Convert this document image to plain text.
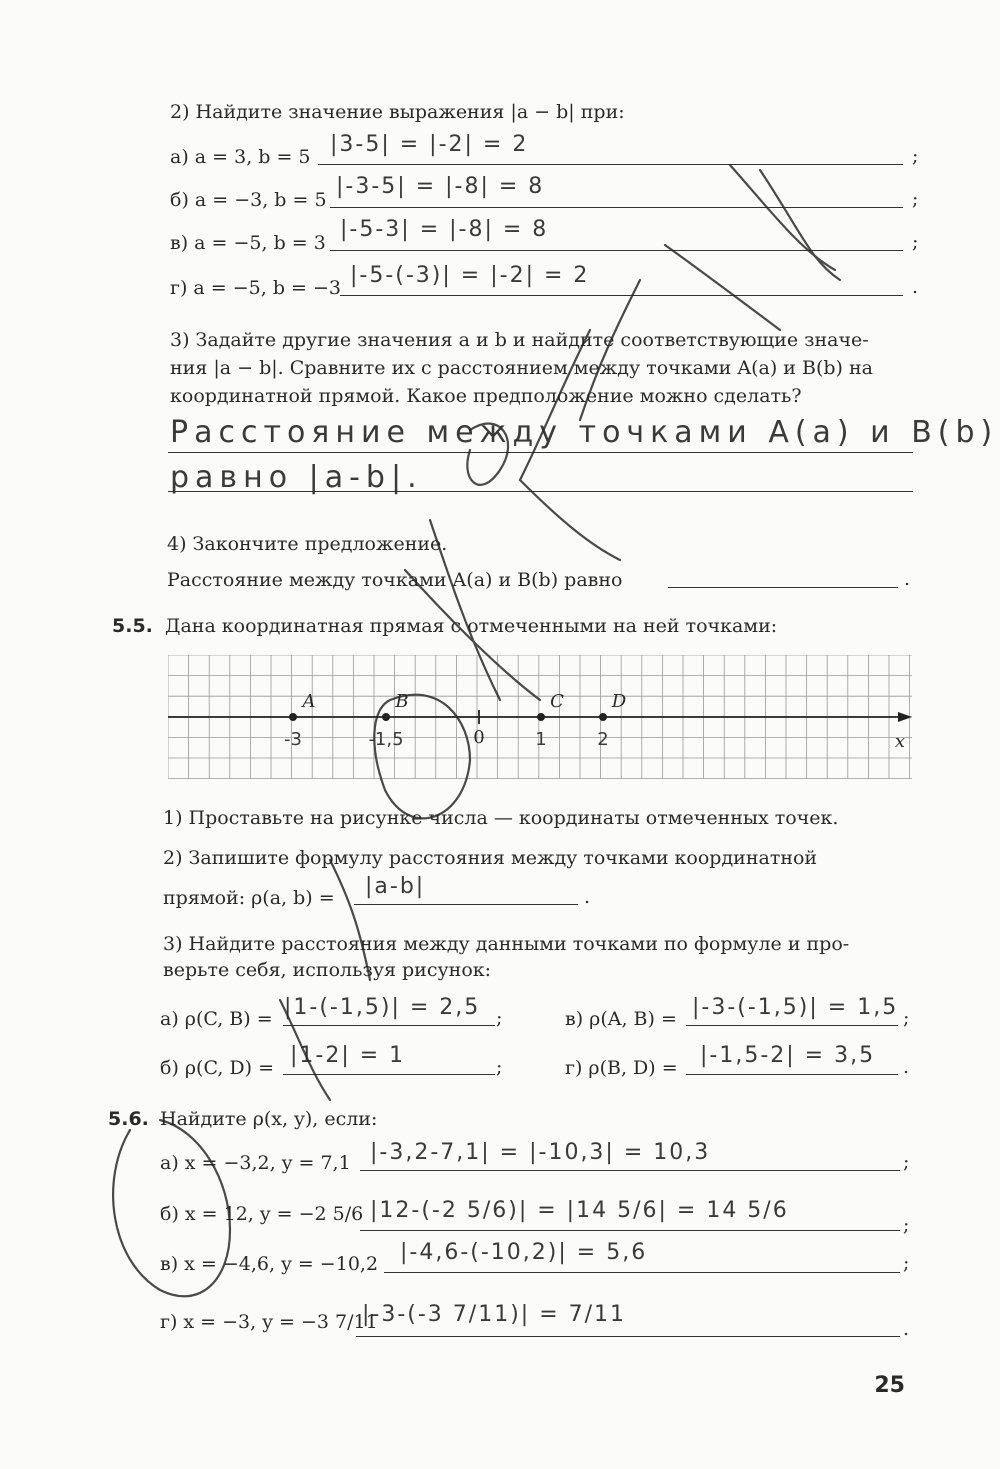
2) Найдите значение выражения |a − b| при:
а) a = 3, b = 5 |3-5| = |-2| = 2	;
б) a = −3, b = 5
|-3-5| = |-8| = 8	;
в) a = −5, b = 3
|-5-3| = |-8| = 8	;
г) a = −5, b = −3 |-5-(-3)| = |-2| = 2	.
3) Задайте другие значения a и b и найдите соответствующие значе-
ния |a − b|. Сравните их с расстоянием между точками A(a) и B(b) на
координатной прямой. Какое предположение можно сделать?
Расстояние между точками A(a) и B(b)
равно |a-b|.
4) Закончите предложение.
Расстояние между точками A(a) и B(b) равно	.
5.5. Дана координатная прямая с отмеченными на ней точками:
0	x
A
-3
B
-1,5
C
1
D
2
1) Проставьте на рисунке числа — координаты отмеченных точек.
2) Запишите формулу расстояния между точками координатной
прямой: ρ(a, b) = |a-b|	.
3) Найдите расстояния между данными точками по формуле и про-
верьте себя, используя рисунок:
а) ρ(C, B) = |1-(-1,5)| = 2,5 ;	в) ρ(A, B) = |-3-(-1,5)| = 1,5 ;
б) ρ(C, D) = |1-2| = 1	;	г) ρ(B, D) = |-1,5-2| = 3,5 .
5.6. Найдите ρ(x, y), если:
а) x = −3,2, y = 7,1 |-3,2-7,1| = |-10,3| = 10,3	;
б) x = 12, y = −2 5/6 |12-(-2 5/6)| = |14 5/6| = 14 5/6
;
в) x = −4,6, y = −10,2 |-4,6-(-10,2)| = 5,6	;
г) x = −3, y = −3 7/11
|-3-(-3 7/11)| = 7/11
.
25
